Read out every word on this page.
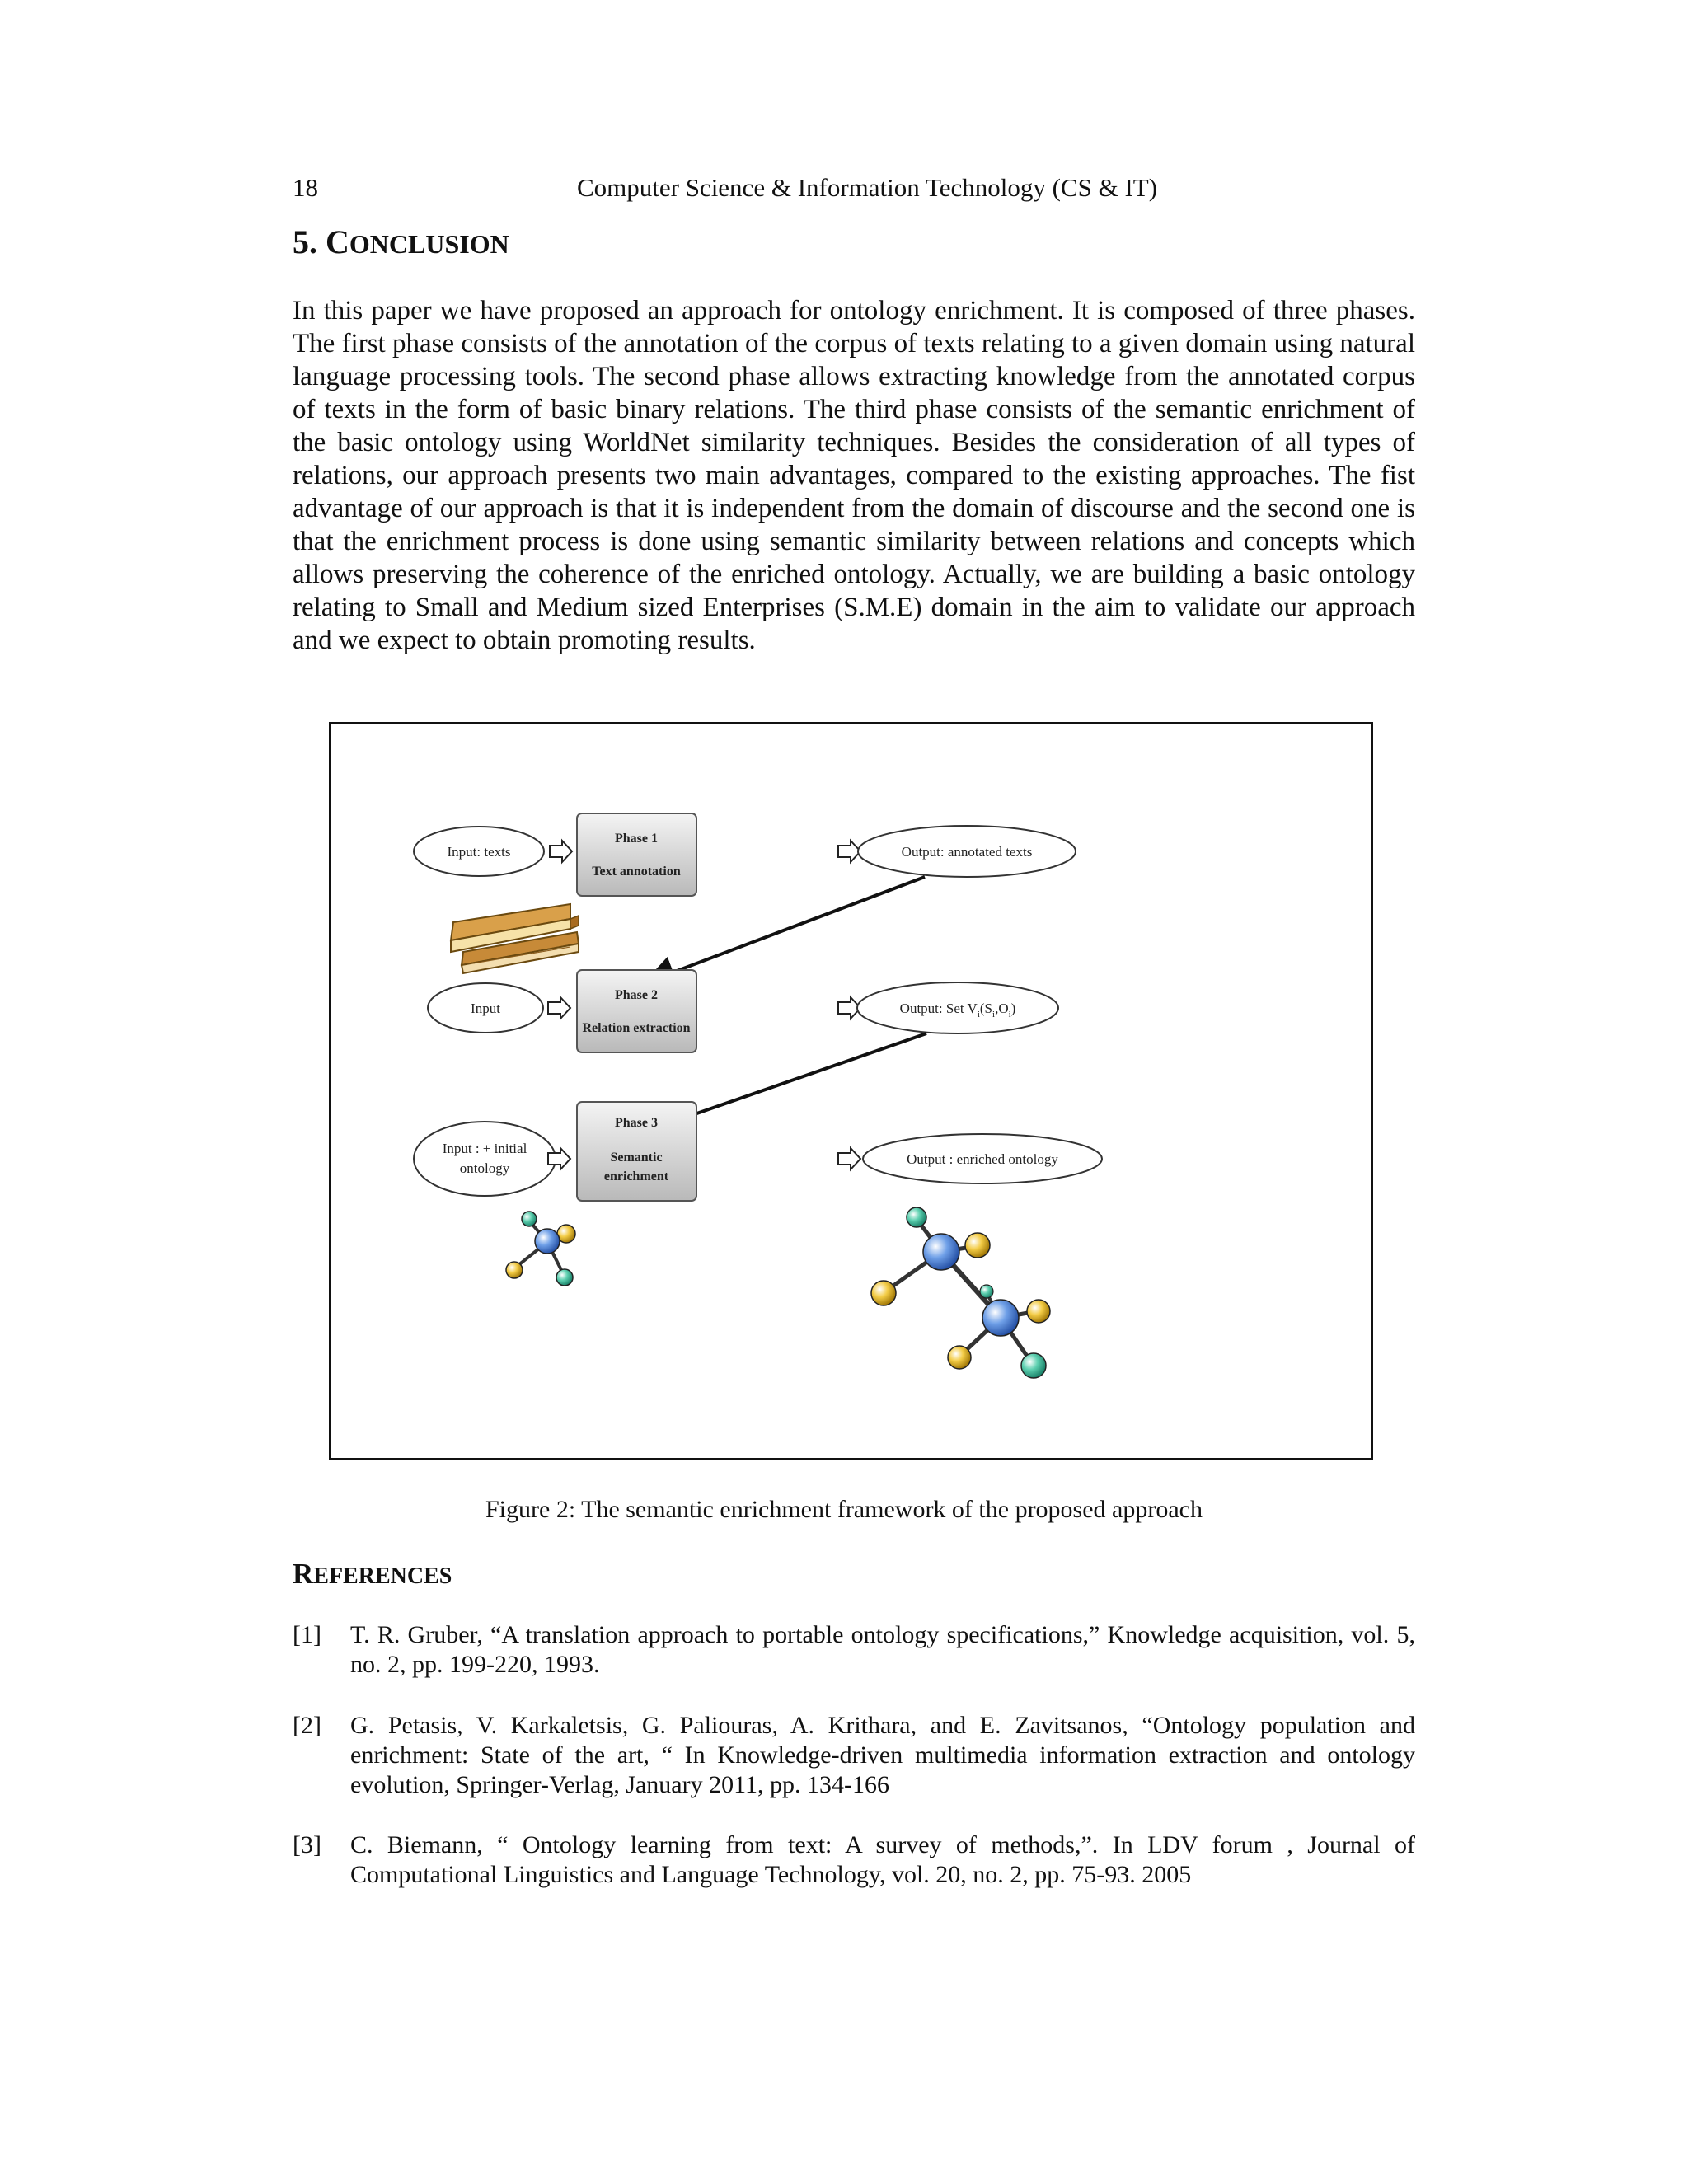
18	Computer Science & Information Technology (CS & IT)
5. CONCLUSION

In this paper we have proposed an approach for ontology enrichment. It is composed of three phases. The first phase consists of the annotation of the corpus of texts relating to a given domain using natural language processing tools. The second phase allows extracting knowledge from the annotated corpus of texts in the form of basic binary relations. The third phase consists of the semantic enrichment of the basic ontology using WorldNet similarity techniques. Besides the consideration of all types of relations, our approach presents two main advantages, compared to the existing approaches. The fist advantage of our approach is that it is independent from the domain of discourse and the second one is that the enrichment process is done using semantic similarity between relations and concepts which allows preserving the coherence of the enriched ontology. Actually, we are building a basic ontology relating to Small and Medium sized Enterprises (S.M.E) domain in the aim to validate our approach and we expect to obtain promoting results.

Input: texts
Phase 1
Text annotation
Output: annotated texts
Input
Phase 2
Relation extraction
Output: Set $V_i(S_i,O_i)$
Input : + initial
ontology
Phase 3
Semantic
enrichment
Output : enriched ontology
Figure 2: The semantic enrichment framework of the proposed approach
REFERENCES
[1] T. R. Gruber, “A translation approach to portable ontology specifications,” Knowledge acquisition, vol. 5, no. 2, pp. 199-220, 1993.
[2] G. Petasis, V. Karkaletsis, G. Paliouras, A. Krithara, and E. Zavitsanos, “Ontology population and enrichment: State of the art, “ In Knowledge-driven multimedia information extraction and ontology evolution, Springer-Verlag, January 2011, pp. 134-166
[3] C. Biemann, “ Ontology learning from text: A survey of methods,”. In LDV forum , Journal of Computational Linguistics and Language Technology, vol. 20, no. 2, pp. 75-93. 2005
